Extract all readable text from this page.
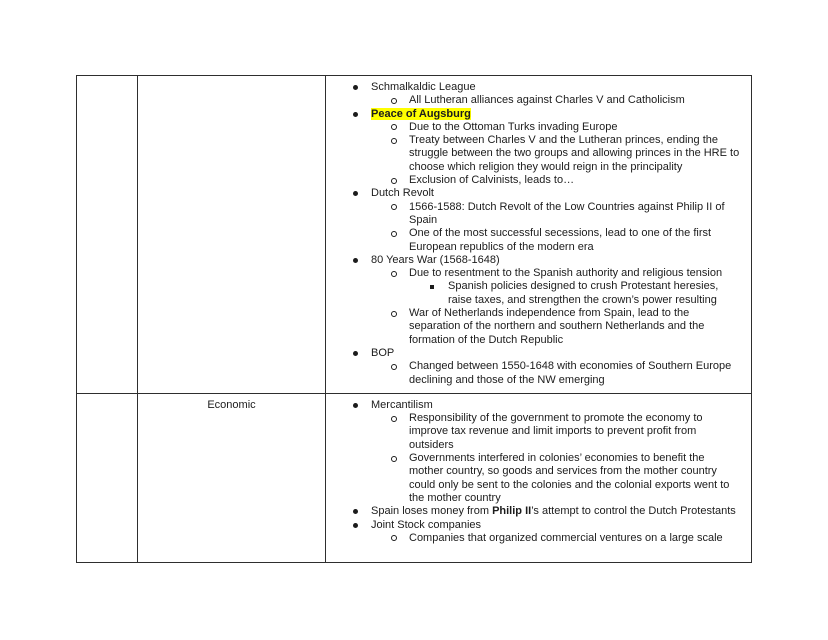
Schmalkaldic League
All Lutheran alliances against Charles V and Catholicism
Peace of Augsburg
Due to the Ottoman Turks invading Europe
Treaty between Charles V and the Lutheran princes, ending the struggle between the two groups and allowing princes in the HRE to choose which religion they would reign in the principality
Exclusion of Calvinists, leads to…
Dutch Revolt
1566-1588: Dutch Revolt of the Low Countries against Philip II of Spain
One of the most successful secessions, lead to one of the first European republics of the modern era
80 Years War (1568-1648)
Due to resentment to the Spanish authority and religious tension
Spanish policies designed to crush Protestant heresies, raise taxes, and strengthen the crown’s power resulting
War of Netherlands independence from Spain, lead to the separation of the northern and southern Netherlands and the formation of the Dutch Republic
BOP
Changed between 1550-1648 with economies of Southern Europe declining and those of the NW emerging
Economic	Mercantilism
Responsibility of the government to promote the economy to improve tax revenue and limit imports to prevent profit from outsiders
Governments interfered in colonies’ economies to benefit the mother country, so goods and services from the mother country could only be sent to the colonies and the colonial exports went to the mother country
Spain loses money from Philip II’s attempt to control the Dutch Protestants
Joint Stock companies
Companies that organized commercial ventures on a large scale
